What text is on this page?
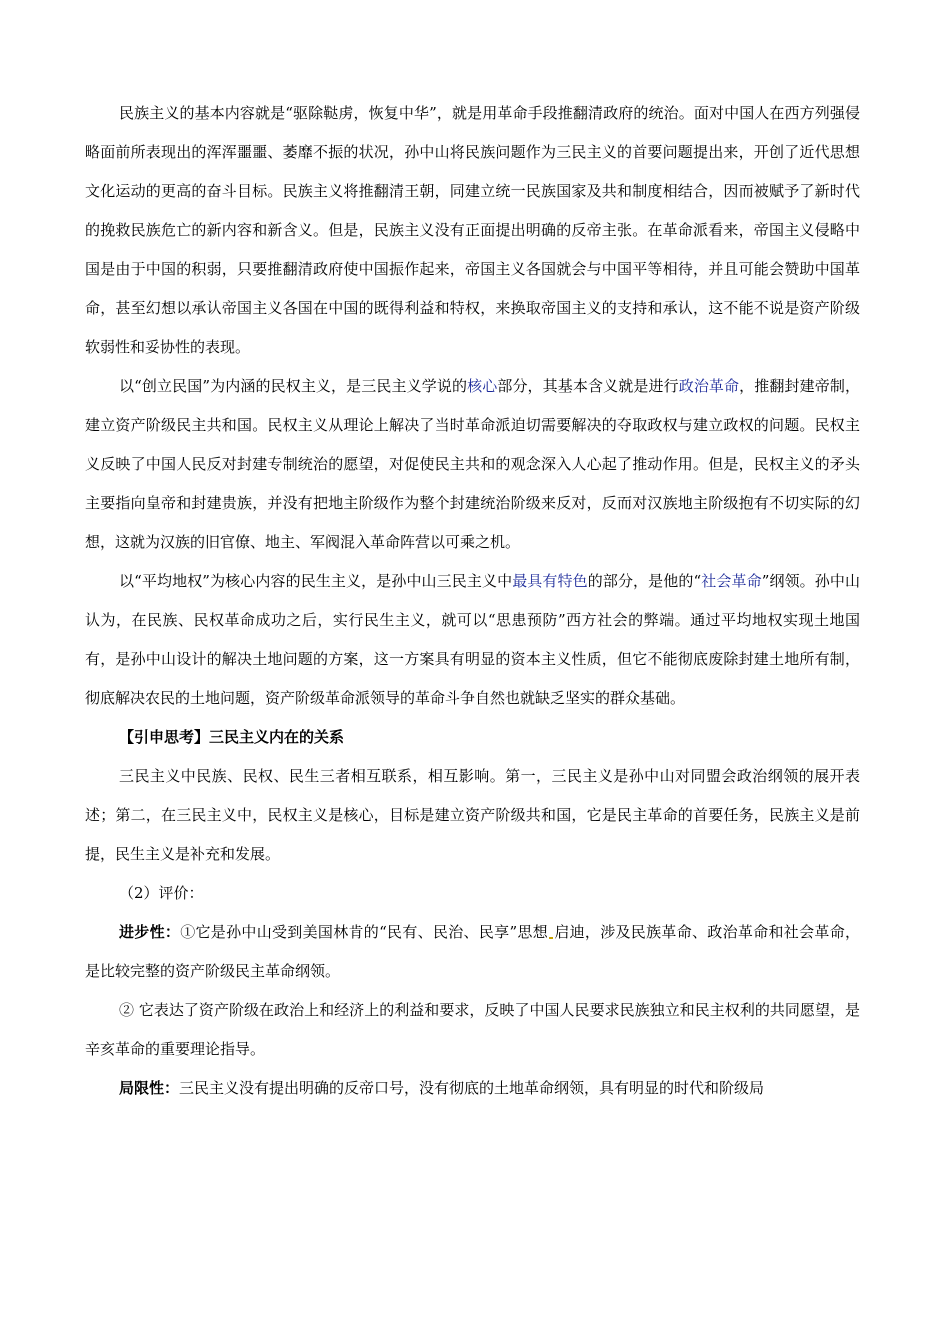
民族主义的基本内容就是“驱除鞑虏，恢复中华”，就是用革命手段推翻清政府的统治。面对中国人在西方列强侵略面前所表现出的浑浑噩噩、萎靡不振的状况，孙中山将民族问题作为三民主义的首要问题提出来，开创了近代思想文化运动的更高的奋斗目标。民族主义将推翻清王朝，同建立统一民族国家及共和制度相结合，因而被赋予了新时代的挽救民族危亡的新内容和新含义。但是，民族主义没有正面提出明确的反帝主张。在革命派看来，帝国主义侵略中国是由于中国的积弱，只要推翻清政府使中国振作起来，帝国主义各国就会与中国平等相待，并且可能会赞助中国革命，甚至幻想以承认帝国主义各国在中国的既得利益和特权，来换取帝国主义的支持和承认，这不能不说是资产阶级软弱性和妥协性的表现。

以“创立民国”为内涵的民权主义，是三民主义学说的核心部分，其基本含义就是进行政治革命，推翻封建帝制，建立资产阶级民主共和国。民权主义从理论上解决了当时革命派迫切需要解决的夺取政权与建立政权的问题。民权主义反映了中国人民反对封建专制统治的愿望，对促使民主共和的观念深入人心起了推动作用。但是，民权主义的矛头主要指向皇帝和封建贵族，并没有把地主阶级作为整个封建统治阶级来反对，反而对汉族地主阶级抱有不切实际的幻想，这就为汉族的旧官僚、地主、军阀混入革命阵营以可乘之机。

以“平均地权”为核心内容的民生主义，是孙中山三民主义中最具有特色的部分，是他的“社会革命”纲领。孙中山认为，在民族、民权革命成功之后，实行民生主义，就可以“思患预防”西方社会的弊端。通过平均地权实现土地国有，是孙中山设计的解决土地问题的方案，这一方案具有明显的资本主义性质，但它不能彻底废除封建土地所有制，彻底解决农民的土地问题，资产阶级革命派领导的革命斗争自然也就缺乏坚实的群众基础。

【引申思考】三民主义内在的关系

三民主义中民族、民权、民生三者相互联系，相互影响。第一，三民主义是孙中山对同盟会政治纲领的展开表述；第二，在三民主义中，民权主义是核心，目标是建立资产阶级共和国，它是民主革命的首要任务，民族主义是前提，民生主义是补充和发展。

（2）评价：

进步性：①它是孙中山受到美国林肯的“民有、民治、民享”思想 启迪，涉及民族革命、政治革命和社会革命，是比较完整的资产阶级民主革命纲领。

② 它表达了资产阶级在政治上和经济上的利益和要求，反映了中国人民要求民族独立和民主权利的共同愿望，是辛亥革命的重要理论指导。

局限性：三民主义没有提出明确的反帝口号，没有彻底的土地革命纲领，具有明显的时代和阶级局
